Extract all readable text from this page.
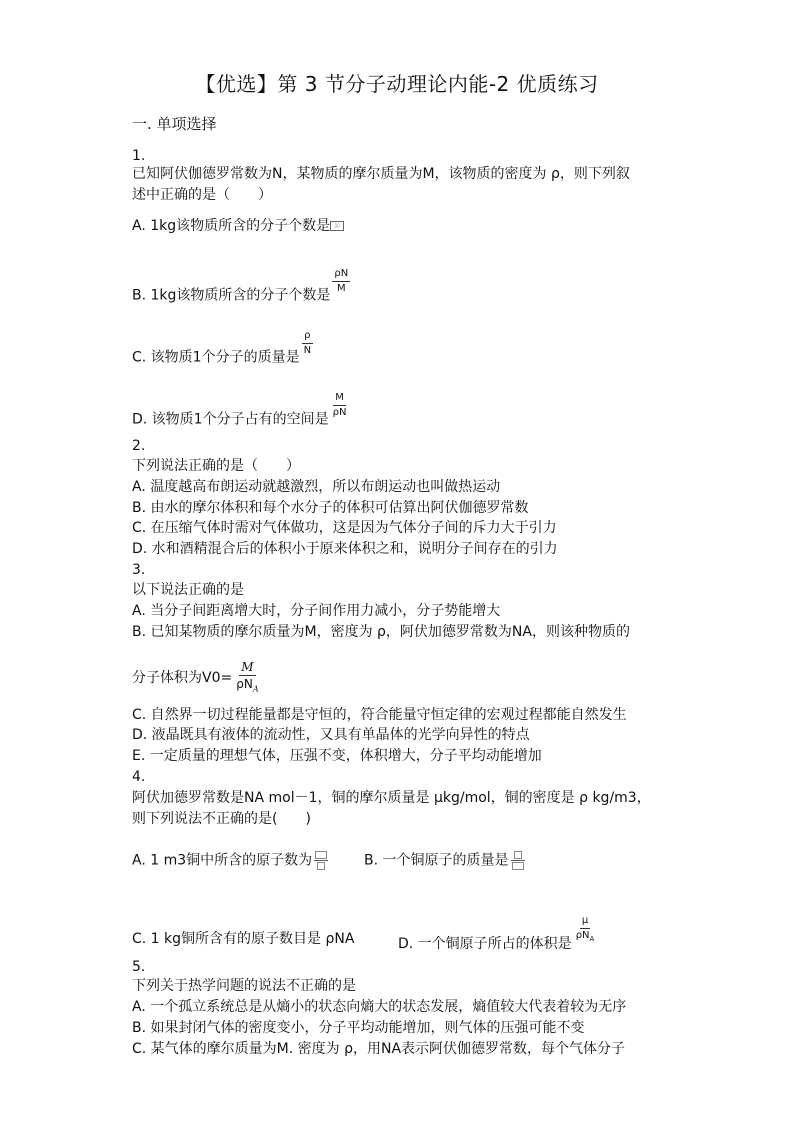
【优选】第 3 节分子动理论内能-2 优质练习
一. 单项选择
1.
已知阿伏伽德罗常数为N，某物质的摩尔质量为M，该物质的密度为 ρ，则下列叙
述中正确的是（　　）
A. 1kg该物质所含的分子个数是 ▯▯
B. 1kg该物质所含的分子个数是
$\frac{\rho N}{M}$
C. 该物质1个分子的质量是
$\frac{\rho}{N}$
D. 该物质1个分子占有的空间是
$\frac{M}{\rho N}$
2.
下列说法正确的是（　　）
A. 温度越高布朗运动就越激烈，所以布朗运动也叫做热运动
B. 由水的摩尔体积和每个水分子的体积可估算出阿伏伽德罗常数
C. 在压缩气体时需对气体做功，这是因为气体分子间的斥力大于引力
D. 水和酒精混合后的体积小于原来体积之和，说明分子间存在的引力
3.
以下说法正确的是
A. 当分子间距离增大时，分子间作用力减小，分子势能增大
B. 已知某物质的摩尔质量为M，密度为 ρ，阿伏加德罗常数为NA，则该种物质的
分子体积为$V0= \frac{M}{\rho N_A}$
C. 自然界一切过程能量都是守恒的，符合能量守恒定律的宏观过程都能自然发生
D. 液晶既具有液体的流动性，又具有单晶体的光学向异性的特点
E. 一定质量的理想气体，压强不变，体积增大，分子平均动能增加
4.
阿伏加德罗常数是NA mol－1，铜的摩尔质量是 μkg/mol，铜的密度是 ρ kg/m3，
则下列说法不正确的是(　　)
A. 1 m3铜中所含的原子数为	B. 一个铜原子的质量是
C. 1 kg铜所含有的原子数目是 ρNA	D. 一个铜原子所占的体积是 $\frac{\mu}{\rho N_A}$
5.
下列关于热学问题的说法不正确的是
A. 一个孤立系统总是从熵小的状态向熵大的状态发展，熵值较大代表着较为无序
B. 如果封闭气体的密度变小，分子平均动能增加，则气体的压强可能不变
C. 某气体的摩尔质量为M. 密度为 ρ，用NA表示阿伏伽德罗常数，每个气体分子
